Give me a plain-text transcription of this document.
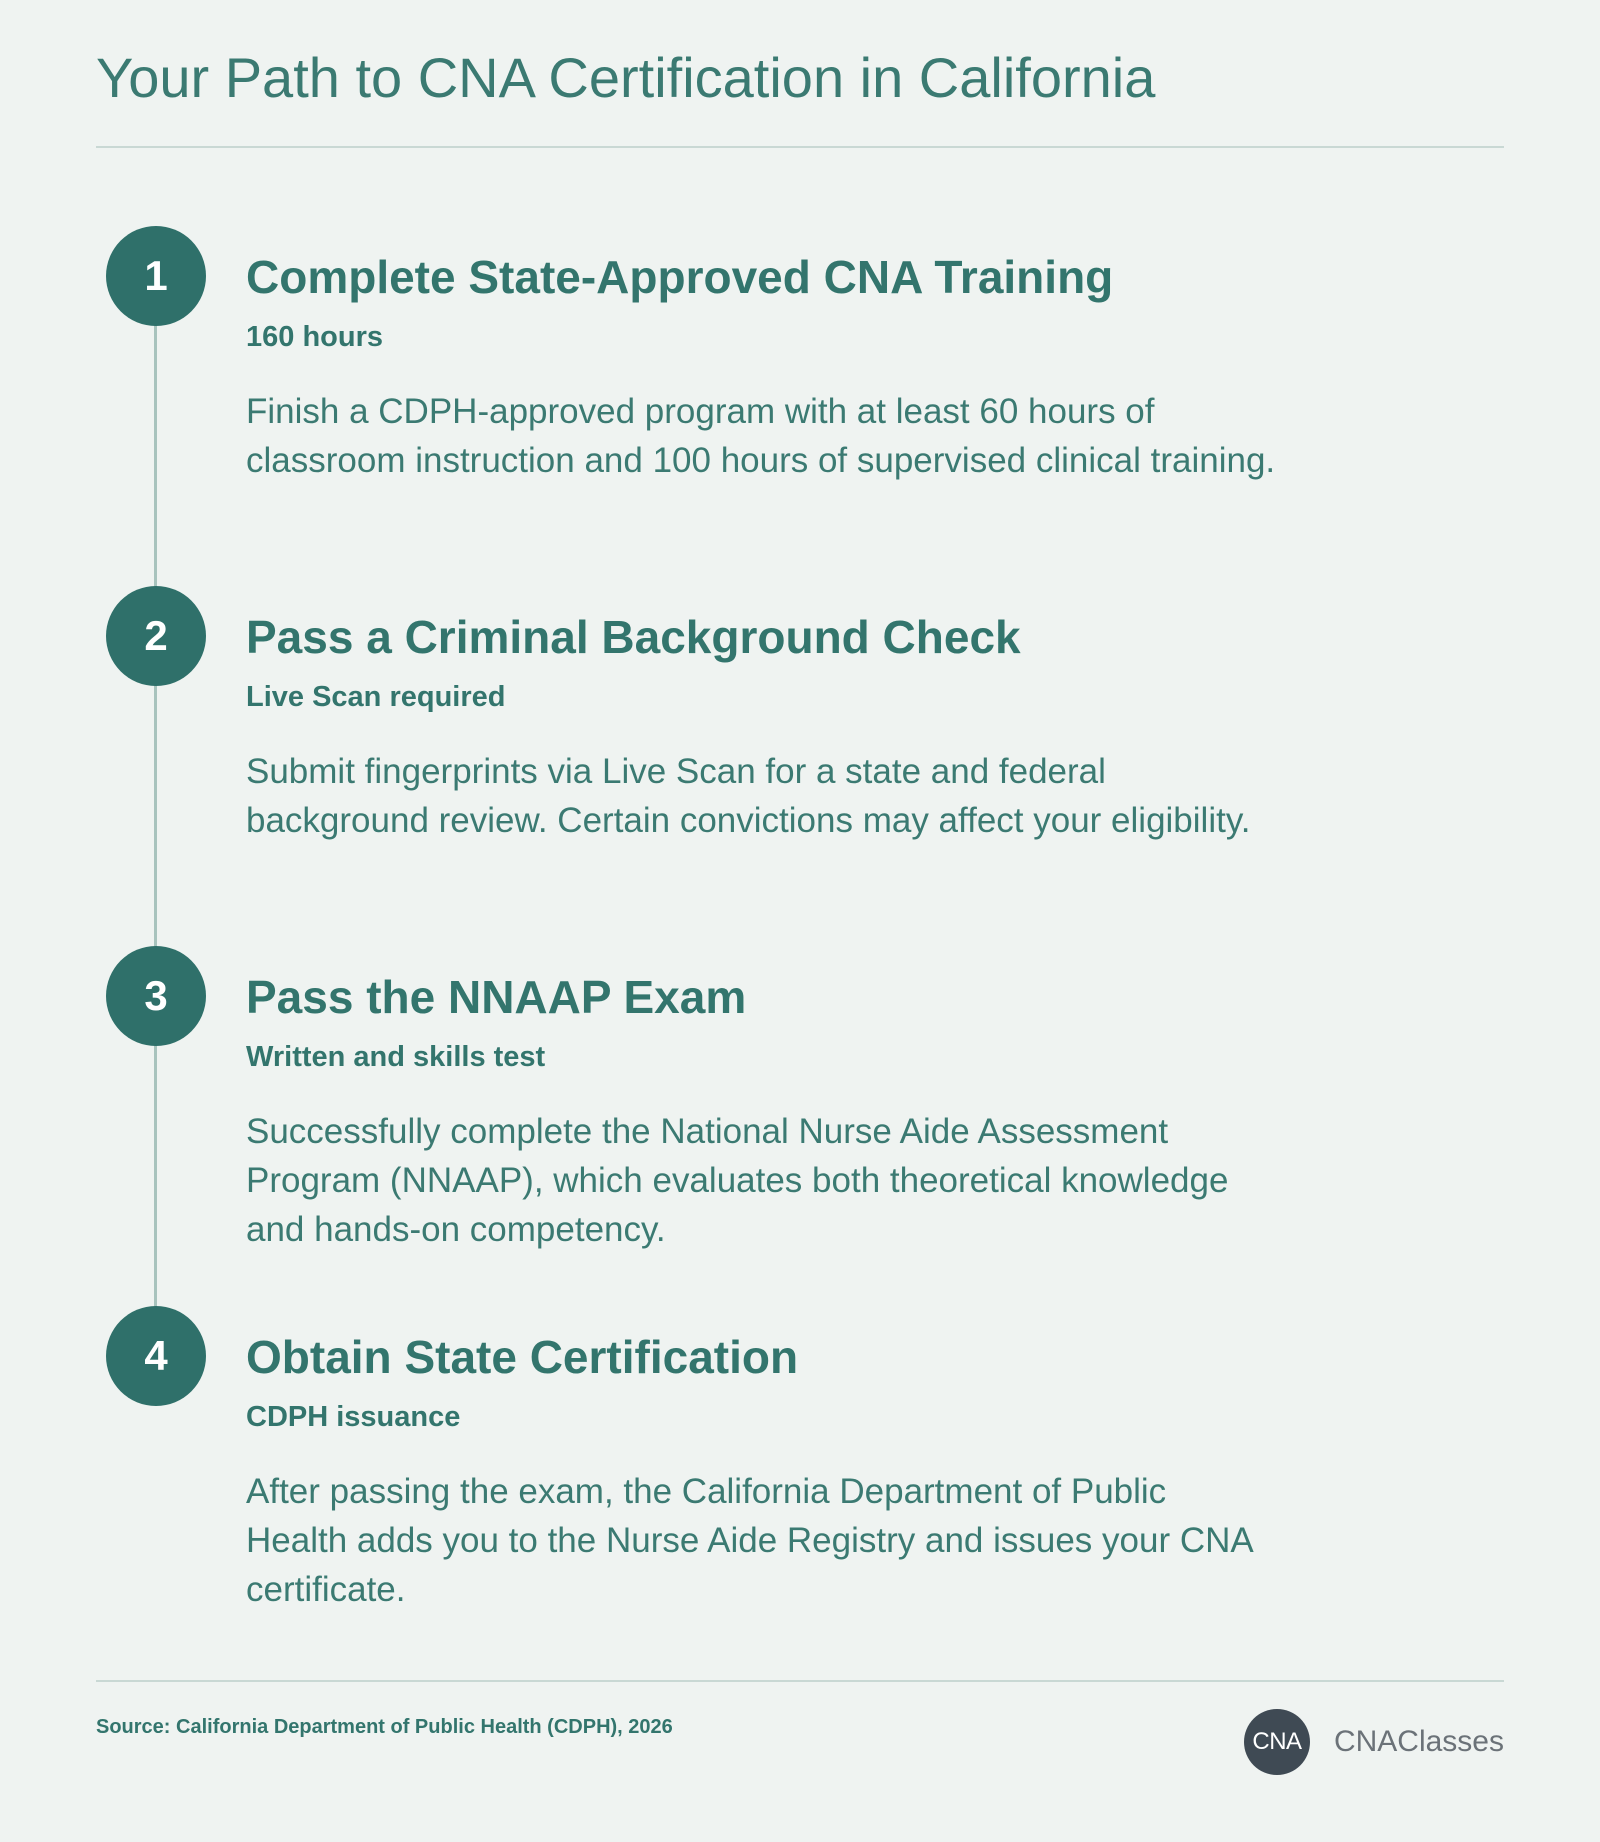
Your Path to CNA Certification in California
1	Complete State-Approved CNA Training

160 hours

Finish a CDPH-approved program with at least 60 hours of classroom instruction and 100 hours of supervised clinical training.

2	Pass a Criminal Background Check

Live Scan required

Submit fingerprints via Live Scan for a state and federal background review. Certain convictions may affect your eligibility.

3	Pass the NNAAP Exam

Written and skills test

Successfully complete the National Nurse Aide Assessment Program (NNAAP), which evaluates both theoretical knowledge and hands-on competency.

4	Obtain State Certification

CDPH issuance

After passing the exam, the California Department of Public Health adds you to the Nurse Aide Registry and issues your CNA certificate.

Source: California Department of Public Health (CDPH), 2026
CNA CNAClasses
